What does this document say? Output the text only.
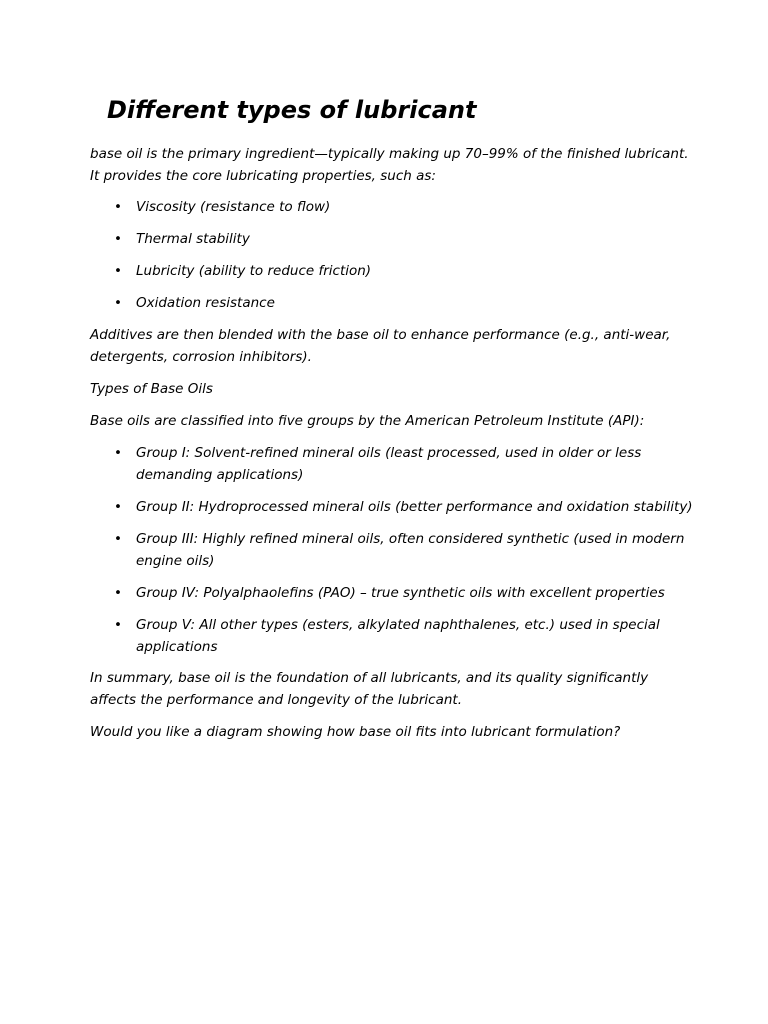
Different types of lubricant

base oil is the primary ingredient—typically making up 70–99% of the finished lubricant. It provides the core lubricating properties, such as:

• Viscosity (resistance to flow)
• Thermal stability
• Lubricity (ability to reduce friction)
• Oxidation resistance

Additives are then blended with the base oil to enhance performance (e.g., anti-wear, detergents, corrosion inhibitors).

Types of Base Oils

Base oils are classified into five groups by the American Petroleum Institute (API):

• Group I: Solvent-refined mineral oils (least processed, used in older or less demanding applications)
• Group II: Hydroprocessed mineral oils (better performance and oxidation stability)
• Group III: Highly refined mineral oils, often considered synthetic (used in modern engine oils)
• Group IV: Polyalphaolefins (PAO) – true synthetic oils with excellent properties
• Group V: All other types (esters, alkylated naphthalenes, etc.) used in special applications

In summary, base oil is the foundation of all lubricants, and its quality significantly affects the performance and longevity of the lubricant.

Would you like a diagram showing how base oil fits into lubricant formulation?
